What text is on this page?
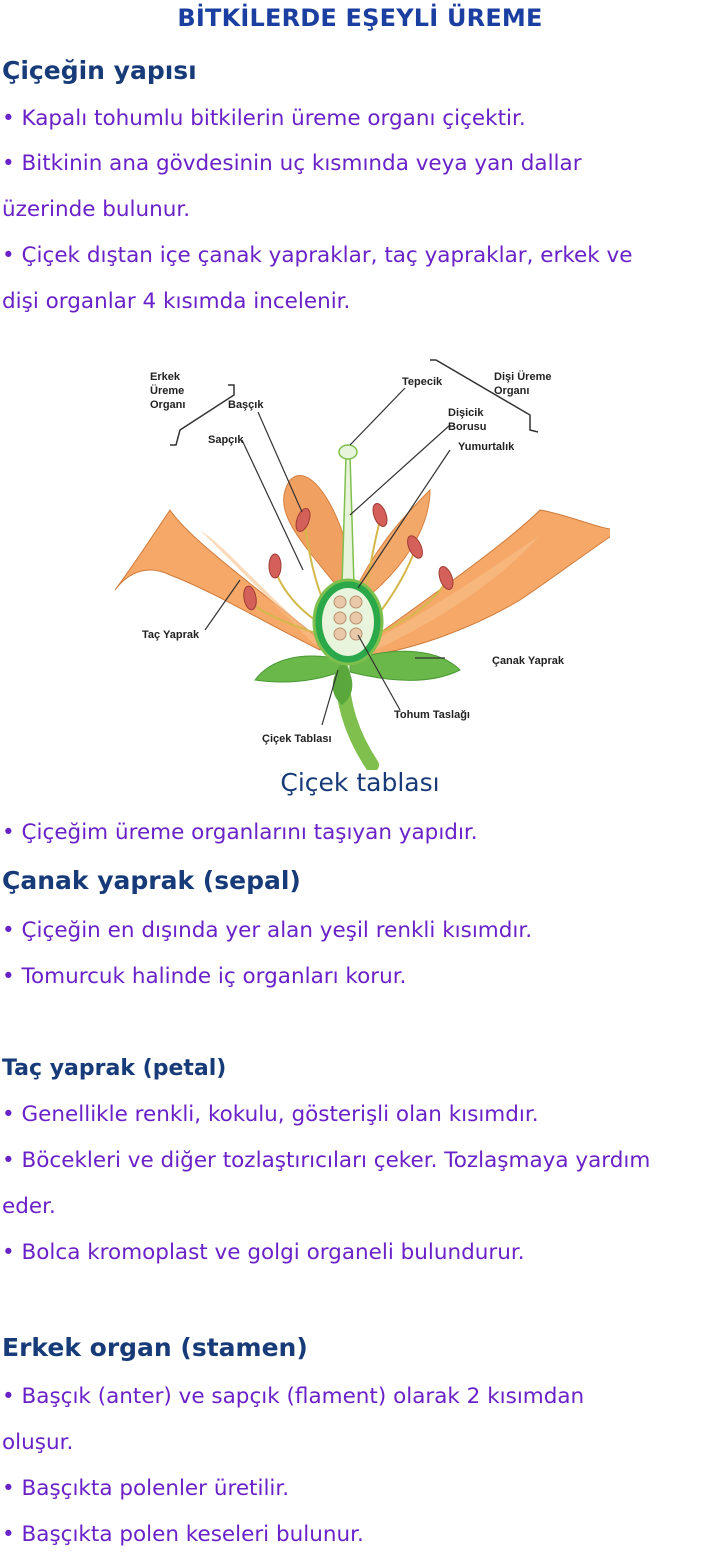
BİTKİLERDE EŞEYLİ ÜREME
Çiçeğin yapısı
• Kapalı tohumlu bitkilerin üreme organı çiçektir.
• Bitkinin ana gövdesinin uç kısmında veya yan dallar
üzerinde bulunur.
• Çiçek dıştan içe çanak yapraklar, taç yapraklar, erkek ve
dişi organlar 4 kısımda incelenir.
Erkek
Üreme
Organı	Başçık
Sapçık
Tepecik	Dişi Üreme
Organı
Dişicik
Borusu
Yumurtalık
Taç Yaprak
Çanak Yaprak
Tohum Taslağı
Çiçek Tablası
Çiçek tablası
• Çiçeğim üreme organlarını taşıyan yapıdır.
Çanak yaprak (sepal)
• Çiçeğin en dışında yer alan yeşil renkli kısımdır.
• Tomurcuk halinde iç organları korur.
Taç yaprak (petal)
• Genellikle renkli, kokulu, gösterişli olan kısımdır.
• Böcekleri ve diğer tozlaştırıcıları çeker. Tozlaşmaya yardım
eder.
• Bolca kromoplast ve golgi organeli bulundurur.
Erkek organ (stamen)
• Başçık (anter) ve sapçık (flament) olarak 2 kısımdan
oluşur.
• Başçıkta polenler üretilir.
• Başçıkta polen keseleri bulunur.
